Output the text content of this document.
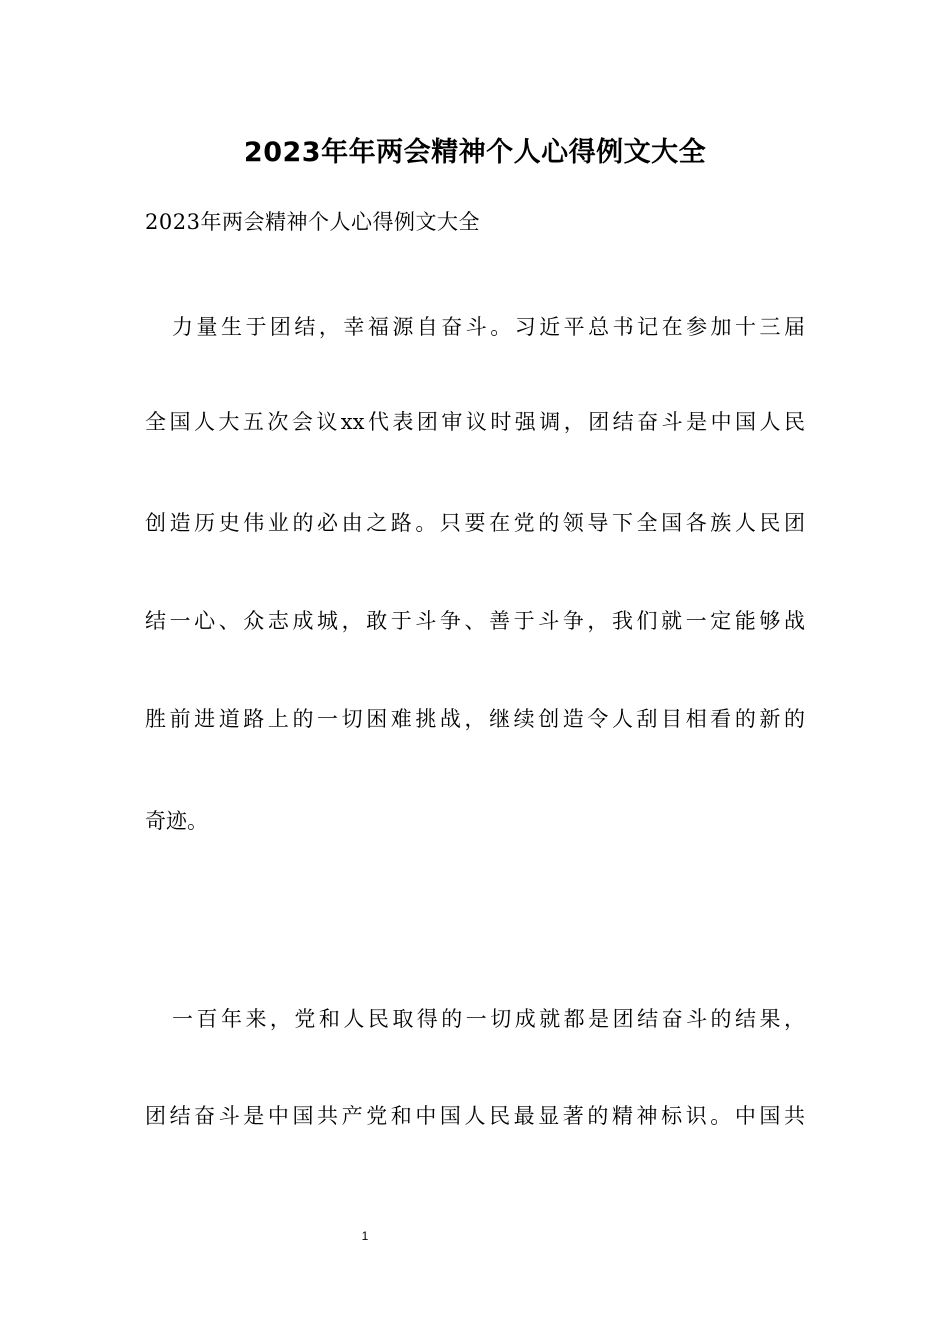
2023年年两会精神个人心得例文大全

2023年两会精神个人心得例文大全

力量生于团结，幸福源自奋斗。习近平总书记在参加十三届

全国人大五次会议xx代表团审议时强调，团结奋斗是中国人民

创造历史伟业的必由之路。只要在党的领导下全国各族人民团

结一心、众志成城，敢于斗争、善于斗争，我们就一定能够战

胜前进道路上的一切困难挑战，继续创造令人刮目相看的新的

奇迹。

一百年来，党和人民取得的一切成就都是团结奋斗的结果，

团结奋斗是中国共产党和中国人民最显著的精神标识。中国共

1
